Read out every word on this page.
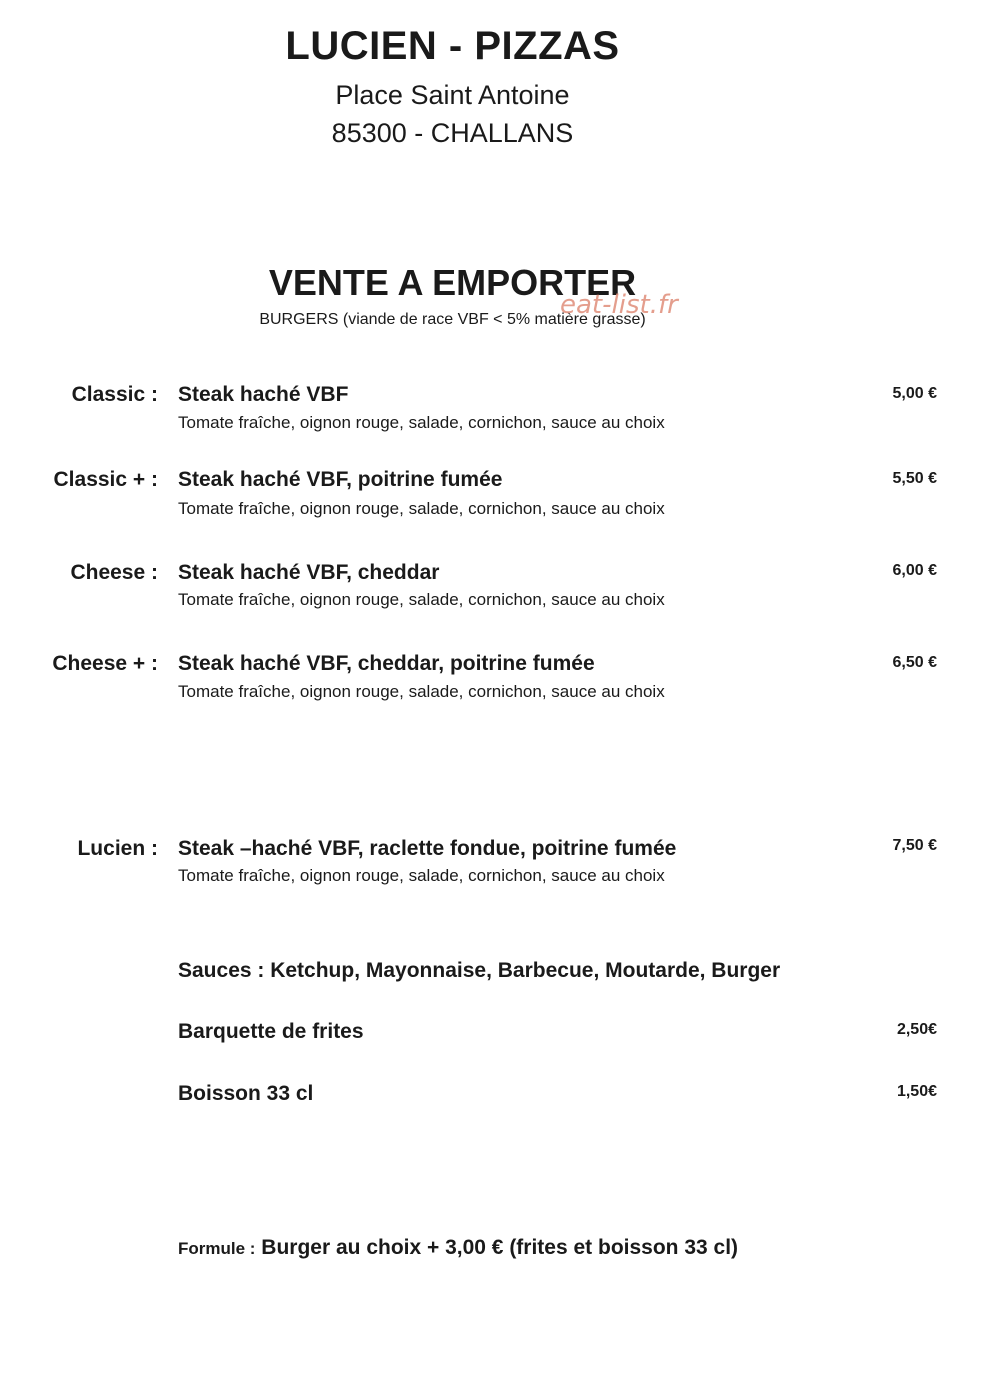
LUCIEN - PIZZAS
Place Saint Antoine
85300 - CHALLANS
VENTE A EMPORTER
BURGERS (viande de race VBF < 5% matière grasse)
eat-list.fr
Classic : Steak haché VBF
Tomate fraîche, oignon rouge, salade, cornichon, sauce au choix
5,00 €
Classic + : Steak haché VBF, poitrine fumée
Tomate fraîche, oignon rouge, salade, cornichon, sauce au choix
5,50 €
Cheese : Steak haché VBF, cheddar
Tomate fraîche, oignon rouge, salade, cornichon, sauce au choix
6,00 €
Cheese + : Steak haché VBF, cheddar, poitrine fumée
Tomate fraîche, oignon rouge, salade, cornichon, sauce au choix
6,50 €
Lucien : Steak –haché VBF, raclette fondue, poitrine fumée
Tomate fraîche, oignon rouge, salade, cornichon, sauce au choix
7,50 €
Sauces : Ketchup, Mayonnaise, Barbecue, Moutarde, Burger
Barquette de frites	2,50€
Boisson 33 cl	1,50€
Formule : Burger au choix + 3,00 € (frites et boisson 33 cl)
